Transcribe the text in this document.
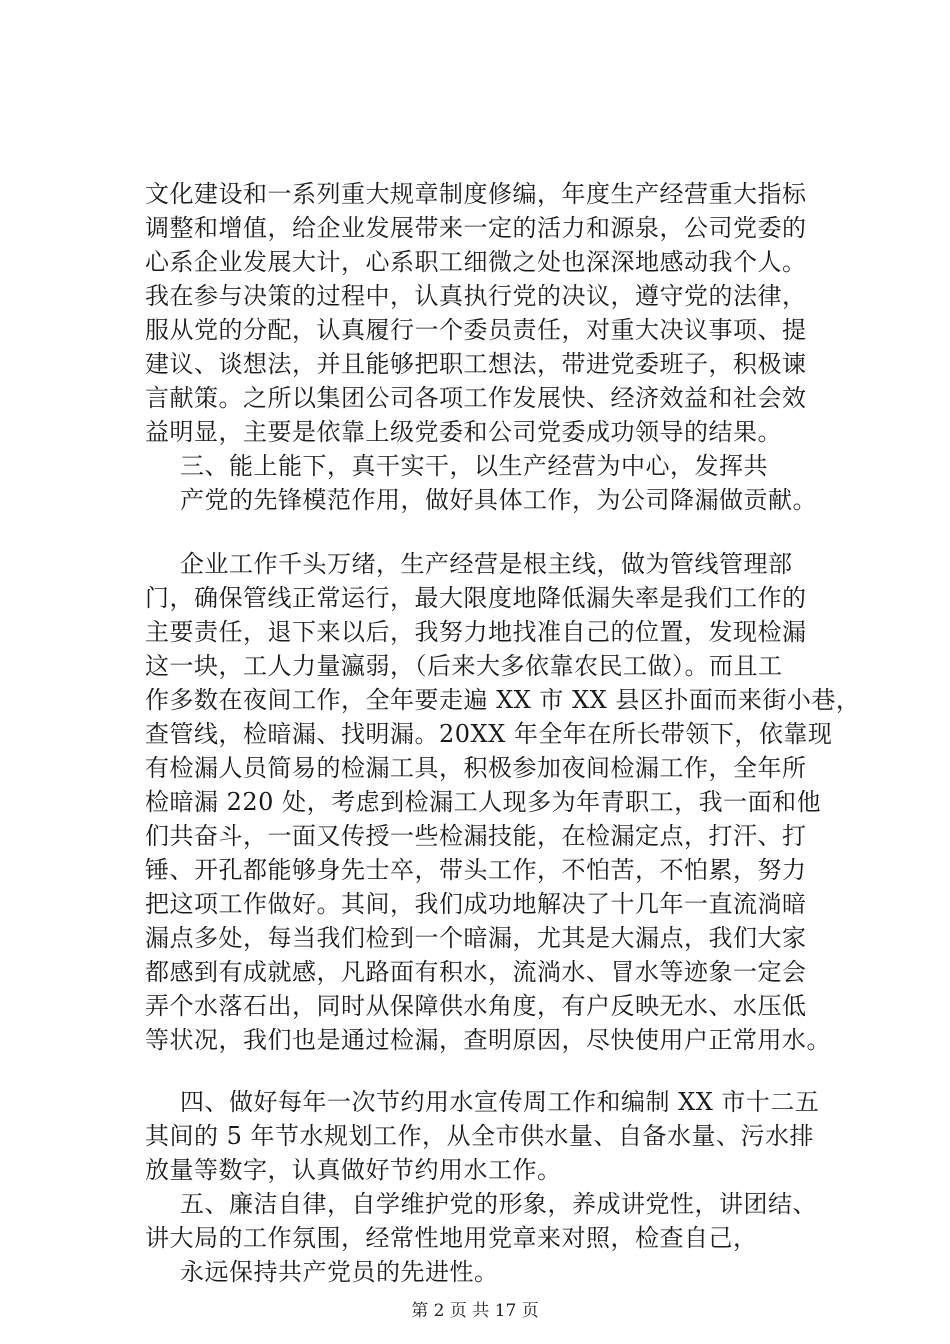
文化建设和一系列重大规章制度修编，年度生产经营重大指标
调整和增值，给企业发展带来一定的活力和源泉，公司党委的
心系企业发展大计，心系职工细微之处也深深地感动我个人。
我在参与决策的过程中，认真执行党的决议，遵守党的法律，
服从党的分配，认真履行一个委员责任，对重大决议事项、提
建议、谈想法，并且能够把职工想法，带进党委班子，积极谏
言献策。之所以集团公司各项工作发展快、经济效益和社会效
益明显，主要是依靠上级党委和公司党委成功领导的结果。
三、能上能下，真干实干，以生产经营为中心，发挥共
产党的先锋模范作用，做好具体工作，为公司降漏做贡献。
企业工作千头万绪，生产经营是根主线，做为管线管理部
门，确保管线正常运行，最大限度地降低漏失率是我们工作的
主要责任，退下来以后，我努力地找准自己的位置，发现检漏
这一块，工人力量瀛弱，（后来大多依靠农民工做）。而且工
作多数在夜间工作，全年要走遍 XX 市 XX 县区扑面而来街小巷，
查管线，检暗漏、找明漏。20XX 年全年在所长带领下，依靠现
有检漏人员简易的检漏工具，积极参加夜间检漏工作，全年所
检暗漏 220 处，考虑到检漏工人现多为年青职工，我一面和他
们共奋斗，一面又传授一些检漏技能，在检漏定点，打汗、打
锤、开孔都能够身先士卒，带头工作，不怕苦，不怕累，努力
把这项工作做好。其间，我们成功地解决了十几年一直流淌暗
漏点多处，每当我们检到一个暗漏，尤其是大漏点，我们大家
都感到有成就感，凡路面有积水，流淌水、冒水等迹象一定会
弄个水落石出，同时从保障供水角度，有户反映无水、水压低
等状况，我们也是通过检漏，查明原因，尽快使用户正常用水。
四、做好每年一次节约用水宣传周工作和编制 XX 市十二五
其间的 5 年节水规划工作，从全市供水量、自备水量、污水排
放量等数字，认真做好节约用水工作。
五、廉洁自律，自学维护党的形象，养成讲党性，讲团结、
讲大局的工作氛围，经常性地用党章来对照，检查自己，
永远保持共产党员的先进性。
第 2 页 共 17 页
